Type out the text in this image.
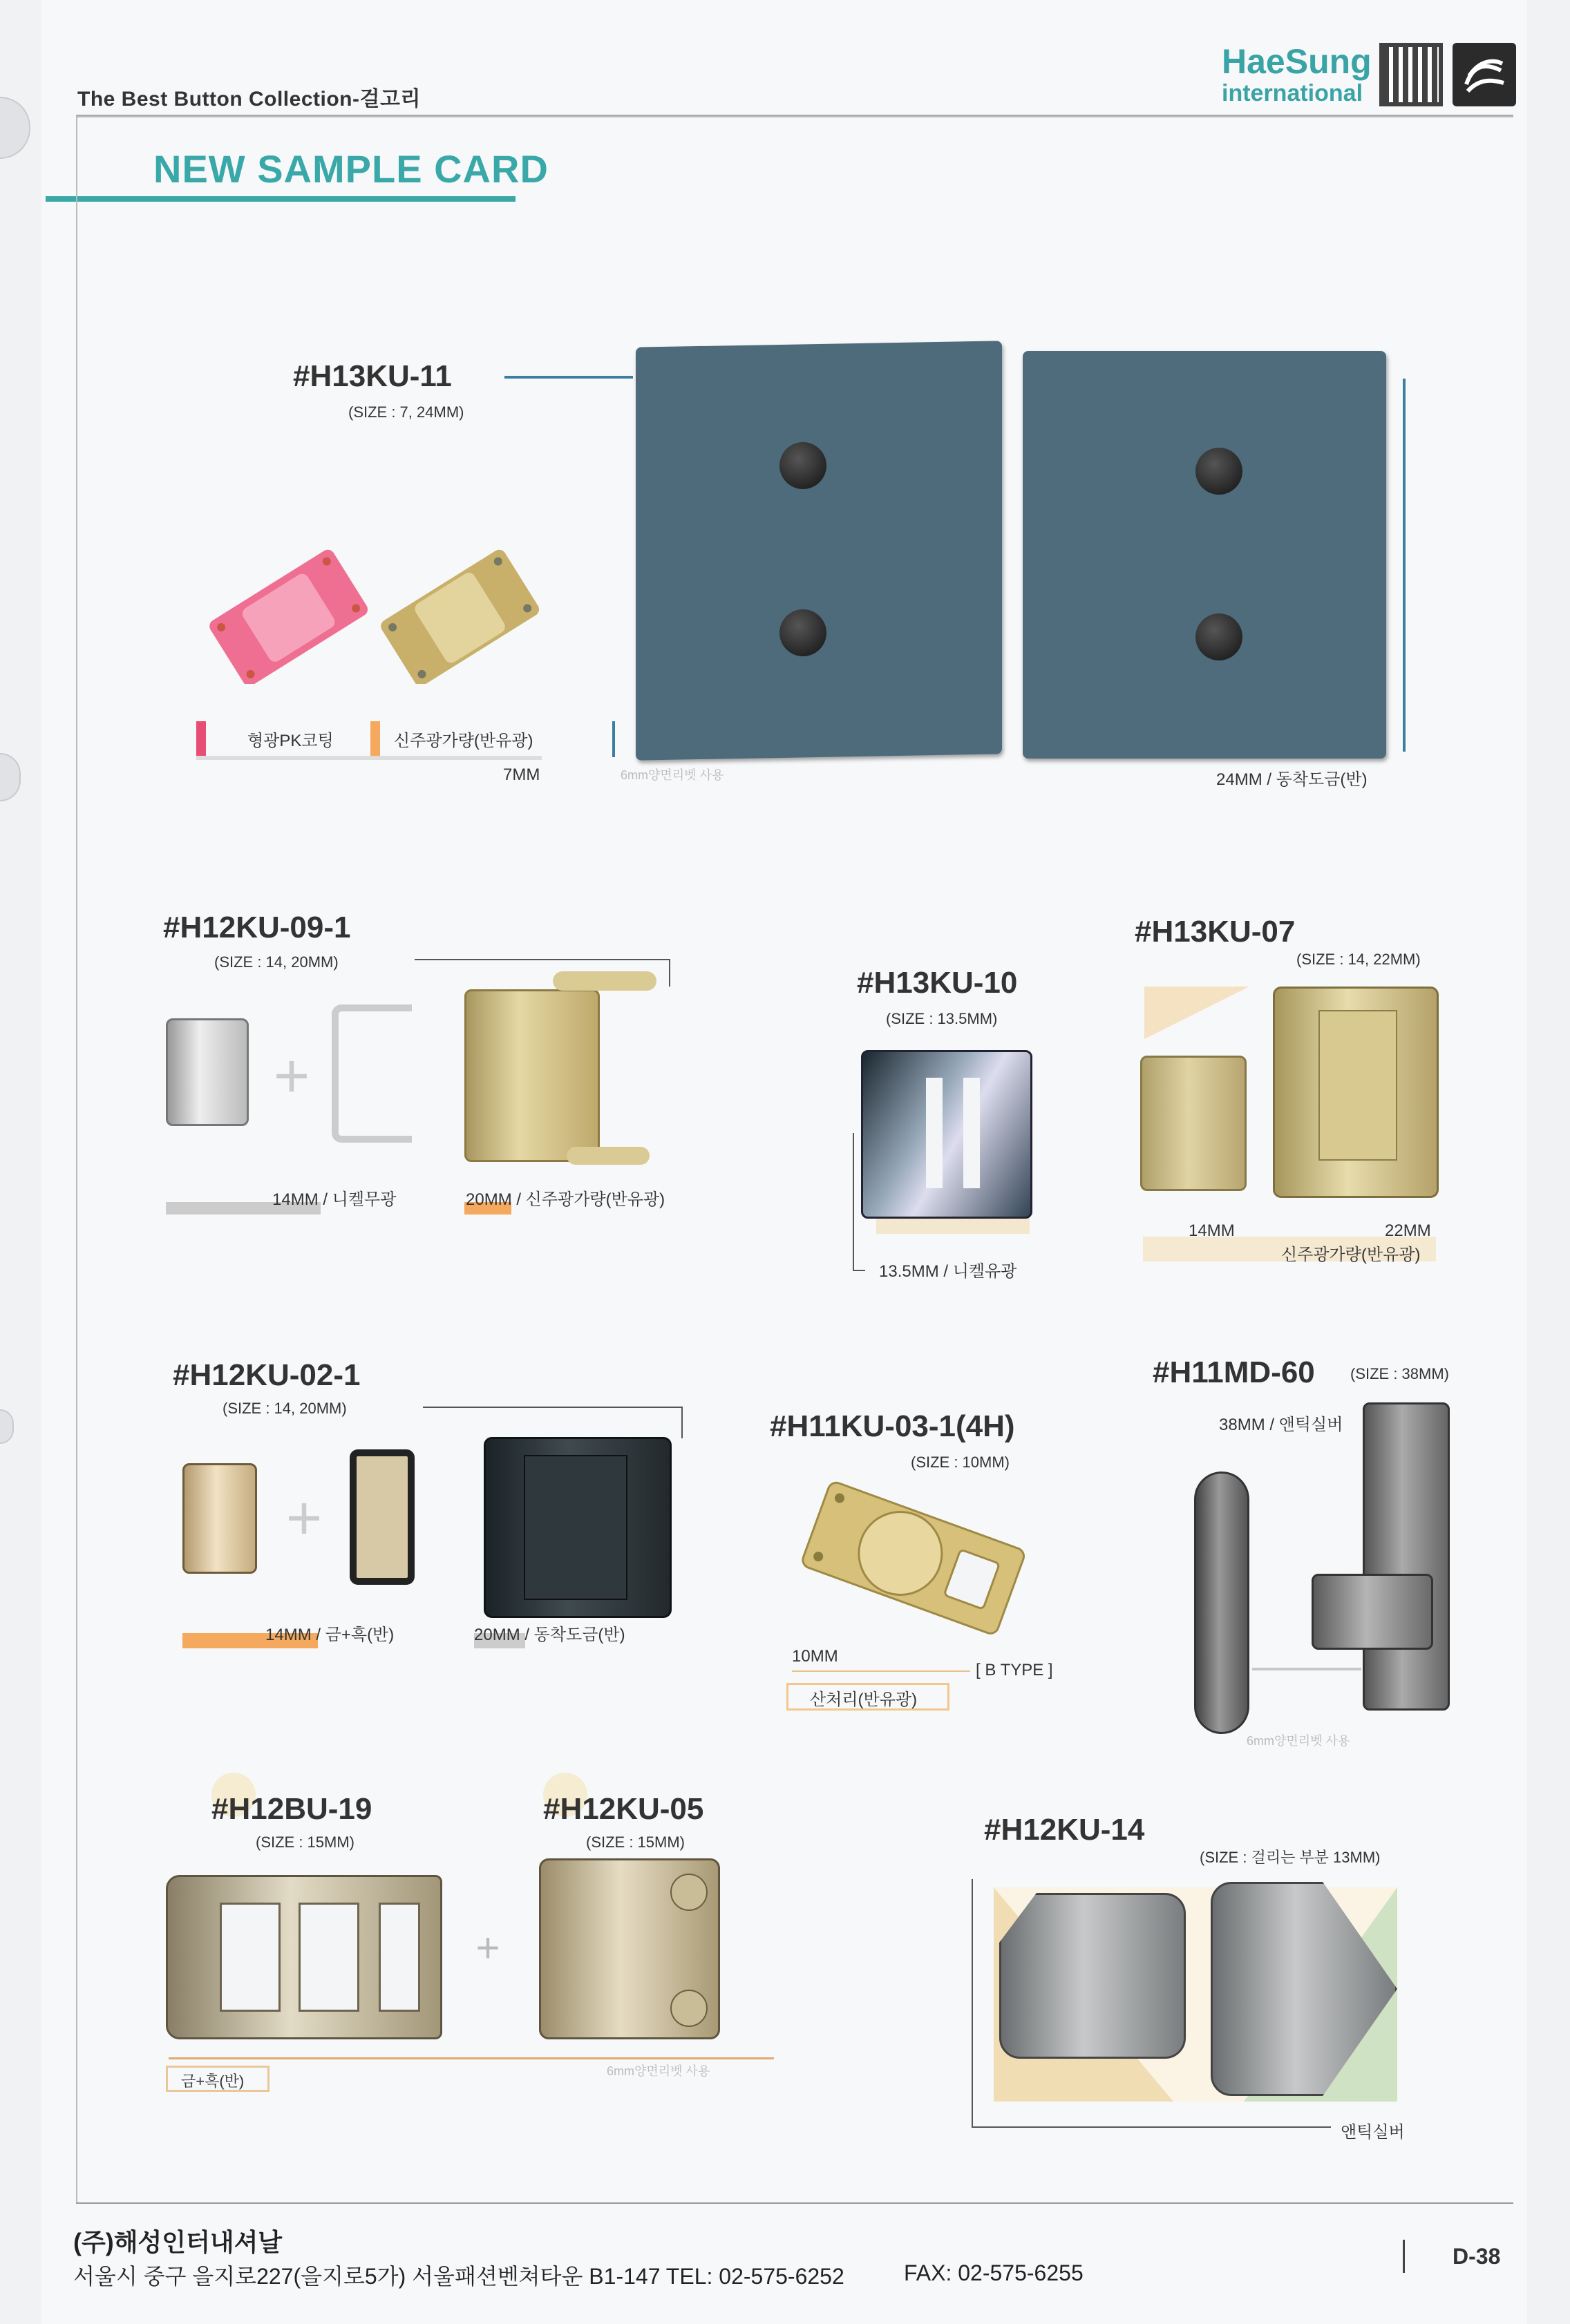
The Best Button Collection-걸고리
HaeSung
international
NEW SAMPLE CARD
#H13KU-11
(SIZE : 7, 24MM)
형광PK코팅	신주광가량(반유광)
7MM	6mm양면리벳 사용	24MM / 동착도금(반)
#H12KU-09-1
(SIZE : 14, 20MM)
+
14MM / 니켈무광	20MM / 신주광가량(반유광)
#H13KU-10
(SIZE : 13.5MM)
13.5MM / 니켈유광
#H13KU-07
(SIZE : 14, 22MM)
14MM	22MM
신주광가량(반유광)
#H12KU-02-1
(SIZE : 14, 20MM)
+
14MM / 금+흑(반)	20MM / 동착도금(반)
#H11KU-03-1(4H)
(SIZE : 10MM)
10MM
[ B TYPE ]
산처리(반유광)
#H11MD-60 (SIZE : 38MM)
38MM / 앤틱실버
6mm양면리벳 사용
#H12BU-19
(SIZE : 15MM)
+
금+흑(반)
#H12KU-05
(SIZE : 15MM)
6mm양면리벳 사용
#H12KU-14
(SIZE : 걸리는 부분 13MM)
앤틱실버
(주)해성인터내셔날
서울시 중구 을지로227(을지로5가) 서울패션벤쳐타운 B1-147 TEL: 02-575-6252	FAX: 02-575-6255
D-38
